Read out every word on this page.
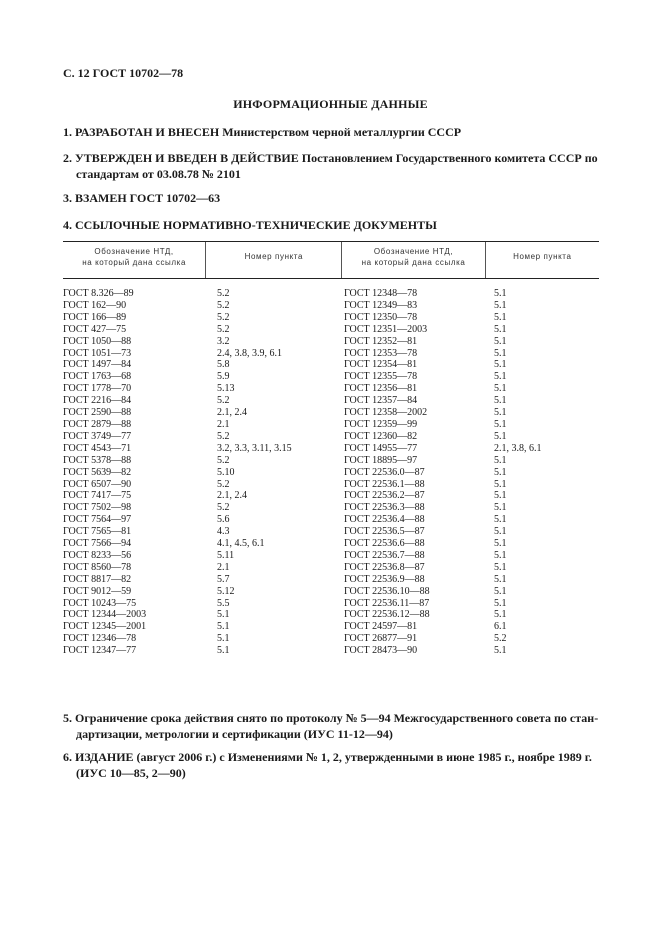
С. 12 ГОСТ 10702—78
ИНФОРМАЦИОННЫЕ ДАННЫЕ
1. РАЗРАБОТАН И ВНЕСЕН Министерством черной металлургии СССР
2. УТВЕРЖДЕН И ВВЕДЕН В ДЕЙСТВИЕ Постановлением Государственного комитета СССР по
стандартам от 03.08.78 № 2101
3. ВЗАМЕН ГОСТ 10702—63
4. ССЫЛОЧНЫЕ НОРМАТИВНО-ТЕХНИЧЕСКИЕ ДОКУМЕНТЫ
Обозначение НТД,
на который дана ссылка
Номер пункта
Обозначение НТД,
на который дана ссылка
Номер пункта
ГОСТ 8.326—89
ГОСТ 162—90
ГОСТ 166—89
ГОСТ 427—75
ГОСТ 1050—88
ГОСТ 1051—73
ГОСТ 1497—84
ГОСТ 1763—68
ГОСТ 1778—70
ГОСТ 2216—84
ГОСТ 2590—88
ГОСТ 2879—88
ГОСТ 3749—77
ГОСТ 4543—71
ГОСТ 5378—88
ГОСТ 5639—82
ГОСТ 6507—90
ГОСТ 7417—75
ГОСТ 7502—98
ГОСТ 7564—97
ГОСТ 7565—81
ГОСТ 7566—94
ГОСТ 8233—56
ГОСТ 8560—78
ГОСТ 8817—82
ГОСТ 9012—59
ГОСТ 10243—75
ГОСТ 12344—2003
ГОСТ 12345—2001
ГОСТ 12346—78
ГОСТ 12347—77
5.2
5.2
5.2
5.2
3.2
2.4, 3.8, 3.9, 6.1
5.8
5.9
5.13
5.2
2.1, 2.4
2.1
5.2
3.2, 3.3, 3.11, 3.15
5.2
5.10
5.2
2.1, 2.4
5.2
5.6
4.3
4.1, 4.5, 6.1
5.11
2.1
5.7
5.12
5.5
5.1
5.1
5.1
5.1
ГОСТ 12348—78
ГОСТ 12349—83
ГОСТ 12350—78
ГОСТ 12351—2003
ГОСТ 12352—81
ГОСТ 12353—78
ГОСТ 12354—81
ГОСТ 12355—78
ГОСТ 12356—81
ГОСТ 12357—84
ГОСТ 12358—2002
ГОСТ 12359—99
ГОСТ 12360—82
ГОСТ 14955—77
ГОСТ 18895—97
ГОСТ 22536.0—87
ГОСТ 22536.1—88
ГОСТ 22536.2—87
ГОСТ 22536.3—88
ГОСТ 22536.4—88
ГОСТ 22536.5—87
ГОСТ 22536.6—88
ГОСТ 22536.7—88
ГОСТ 22536.8—87
ГОСТ 22536.9—88
ГОСТ 22536.10—88
ГОСТ 22536.11—87
ГОСТ 22536.12—88
ГОСТ 24597—81
ГОСТ 26877—91
ГОСТ 28473—90
5.1
5.1
5.1
5.1
5.1
5.1
5.1
5.1
5.1
5.1
5.1
5.1
5.1
2.1, 3.8, 6.1
5.1
5.1
5.1
5.1
5.1
5.1
5.1
5.1
5.1
5.1
5.1
5.1
5.1
5.1
6.1
5.2
5.1
5. Ограничение срока действия снято по протоколу № 5—94 Межгосударственного совета по стан-
дартизации, метрологии и сертификации (ИУС 11-12—94)
6. ИЗДАНИЕ (август 2006 г.) с Изменениями № 1, 2, утвержденными в июне 1985 г., ноябре 1989 г.
(ИУС 10—85, 2—90)
